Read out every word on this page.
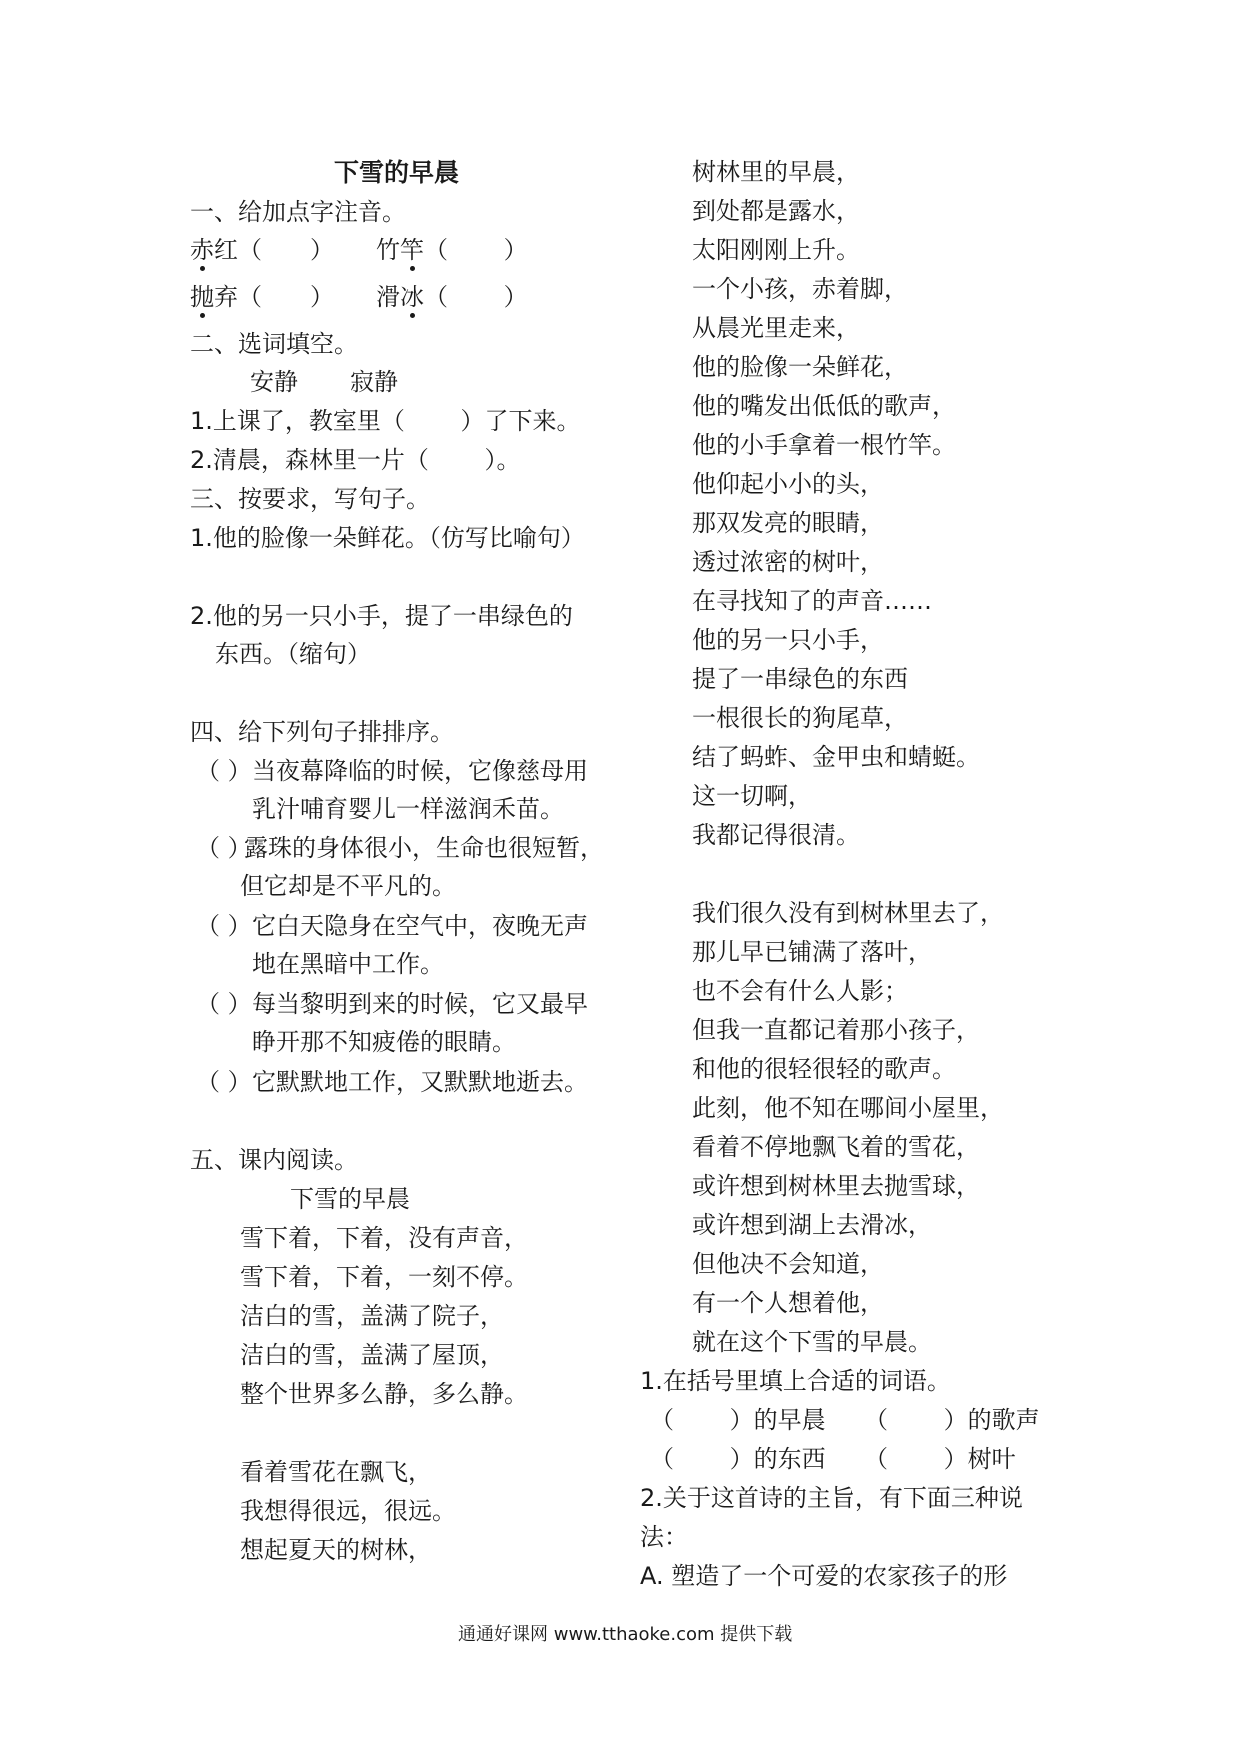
下雪的早晨
一、给加点字注音。
赤红（　　） 竹竿（　　 ）
抛弃（　　） 滑冰（　　 ）
二、选词填空。
安静 寂静
1.上课了，教室里（　　 ）了下来。
2.清晨，森林里一片（　　 ）。
三、按要求，写句子。
1.他的脸像一朵鲜花。（仿写比喻句）
2.他的另一只小手，提了一串绿色的
东西。（缩句）
四、给下列句子排排序。
（ ） 当夜幕降临的时候，它像慈母用
乳汁哺育婴儿一样滋润禾苗。
（ ）
露珠的身体很小，生命也很短暂，
但它却是不平凡的。
（ ） 它白天隐身在空气中，夜晚无声
地在黑暗中工作。
（ ） 每当黎明到来的时候，它又最早
睁开那不知疲倦的眼睛。
（ ） 它默默地工作，又默默地逝去。
五、课内阅读。
下雪的早晨
雪下着，下着，没有声音，
雪下着，下着，一刻不停。
洁白的雪，盖满了院子，
洁白的雪，盖满了屋顶，
整个世界多么静，多么静。
看着雪花在飘飞，
我想得很远，很远。
想起夏天的树林，
树林里的早晨，
到处都是露水，
太阳刚刚上升。
一个小孩，赤着脚，
从晨光里走来，
他的脸像一朵鲜花，
他的嘴发出低低的歌声，
他的小手拿着一根竹竿。
他仰起小小的头，
那双发亮的眼睛，
透过浓密的树叶，
在寻找知了的声音……
他的另一只小手，
提了一串绿色的东西
一根很长的狗尾草，
结了蚂蚱、金甲虫和蜻蜓。
这一切啊，
我都记得很清。
我们很久没有到树林里去了，
那儿早已铺满了落叶，
也不会有什么人影；
但我一直都记着那小孩子，
和他的很轻很轻的歌声。
此刻，他不知在哪间小屋里，
看着不停地飘飞着的雪花，
或许想到树林里去抛雪球，
或许想到湖上去滑冰，
但他决不会知道，
有一个人想着他，
就在这个下雪的早晨。
1.在括号里填上合适的词语。
（　　 ）的早晨 （　　 ）的歌声
（　　 ）的东西 （　　 ）树叶
2.关于这首诗的主旨，有下面三种说
法：
A. 塑造了一个可爱的农家孩子的形
通通好课网 www.tthaoke.com 提供下载
